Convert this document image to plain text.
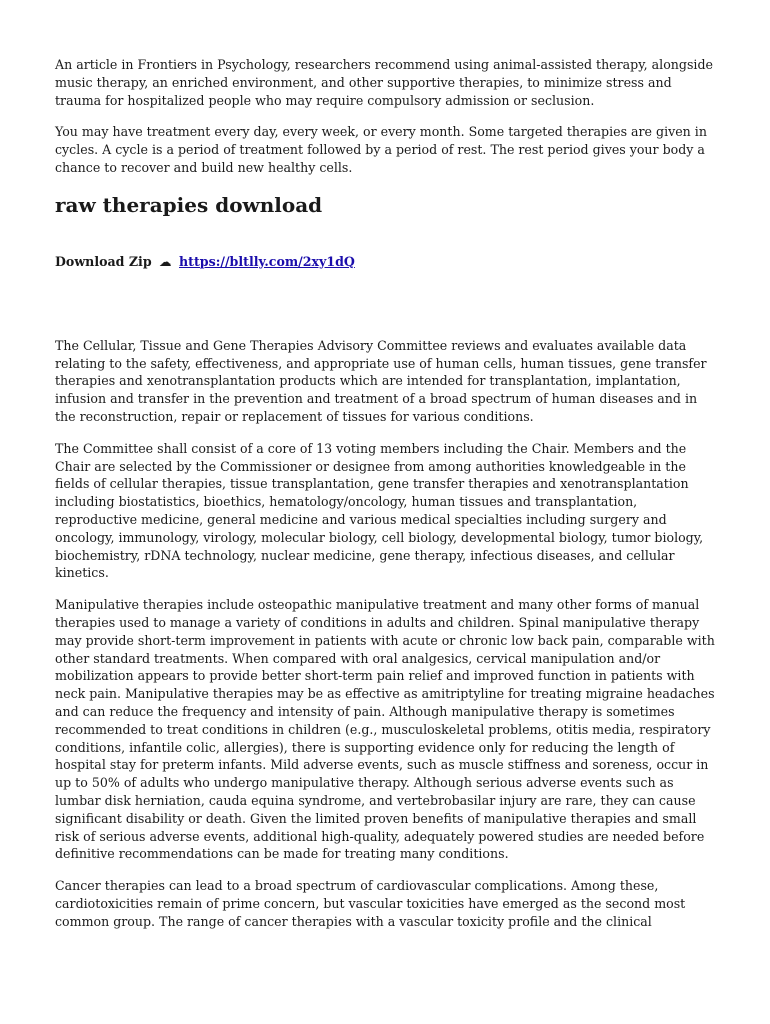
An article in Frontiers in Psychology, researchers recommend using animal-assisted therapy, alongside music therapy, an enriched environment, and other supportive therapies, to minimize stress and trauma for hospitalized people who may require compulsory admission or seclusion.

You may have treatment every day, every week, or every month. Some targeted therapies are given in cycles. A cycle is a period of treatment followed by a period of rest. The rest period gives your body a chance to recover and build new healthy cells.

raw therapies download
Download Zip ☁ https://bltlly.com/2xy1dQ

The Cellular, Tissue and Gene Therapies Advisory Committee reviews and evaluates available data relating to the safety, effectiveness, and appropriate use of human cells, human tissues, gene transfer therapies and xenotransplantation products which are intended for transplantation, implantation, infusion and transfer in the prevention and treatment of a broad spectrum of human diseases and in the reconstruction, repair or replacement of tissues for various conditions.

The Committee shall consist of a core of 13 voting members including the Chair. Members and the Chair are selected by the Commissioner or designee from among authorities knowledgeable in the fields of cellular therapies, tissue transplantation, gene transfer therapies and xenotransplantation including biostatistics, bioethics, hematology/oncology, human tissues and transplantation, reproductive medicine, general medicine and various medical specialties including surgery and oncology, immunology, virology, molecular biology, cell biology, developmental biology, tumor biology, biochemistry, rDNA technology, nuclear medicine, gene therapy, infectious diseases, and cellular kinetics.

Manipulative therapies include osteopathic manipulative treatment and many other forms of manual therapies used to manage a variety of conditions in adults and children. Spinal manipulative therapy may provide short-term improvement in patients with acute or chronic low back pain, comparable with other standard treatments. When compared with oral analgesics, cervical manipulation and/or mobilization appears to provide better short-term pain relief and improved function in patients with neck pain. Manipulative therapies may be as effective as amitriptyline for treating migraine headaches and can reduce the frequency and intensity of pain. Although manipulative therapy is sometimes recommended to treat conditions in children (e.g., musculoskeletal problems, otitis media, respiratory conditions, infantile colic, allergies), there is supporting evidence only for reducing the length of hospital stay for preterm infants. Mild adverse events, such as muscle stiffness and soreness, occur in up to 50% of adults who undergo manipulative therapy. Although serious adverse events such as lumbar disk herniation, cauda equina syndrome, and vertebrobasilar injury are rare, they can cause significant disability or death. Given the limited proven benefits of manipulative therapies and small risk of serious adverse events, additional high-quality, adequately powered studies are needed before definitive recommendations can be made for treating many conditions.

Cancer therapies can lead to a broad spectrum of cardiovascular complications. Among these, cardiotoxicities remain of prime concern, but vascular toxicities have emerged as the second most common group. The range of cancer therapies with a vascular toxicity profile and the clinical
